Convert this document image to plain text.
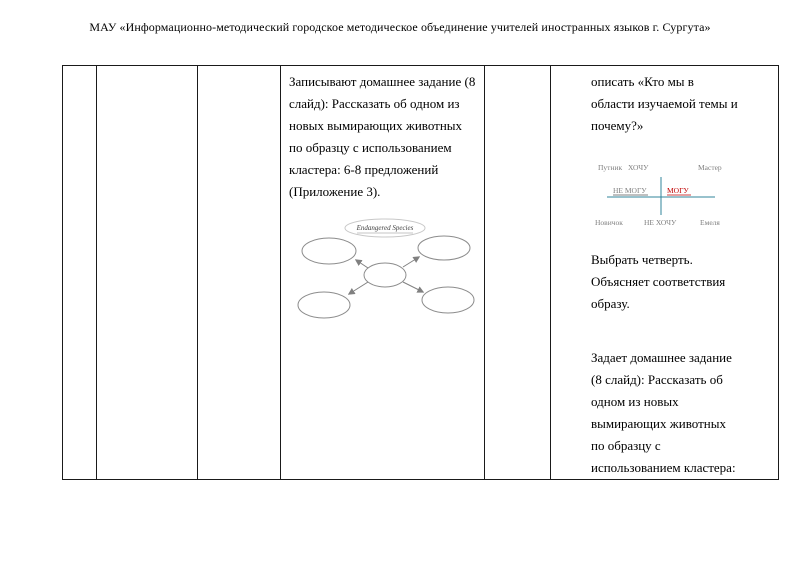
МАУ «Информационно-методический городское методическое объединение учителей иностранных языков г. Сургута»

Записывают домашнее задание (8
слайд): Рассказать об одном из
новых вымирающих животных
по образцу с использованием
кластера: 6-8 предложений
(Приложение 3).
Endangered Species

описать «Кто мы в
области изучаемой темы и
почему?»
Путник ХОЧУ	Мастер
НЕ МОГУ	МОГУ
Новичок	НЕ ХОЧУ	Емеля
Выбрать четверть.
Объясняет соответствия
образу.
Задает домашнее задание
(8 слайд): Рассказать об
одном из новых
вымирающих животных
по образцу с
использованием кластера:
